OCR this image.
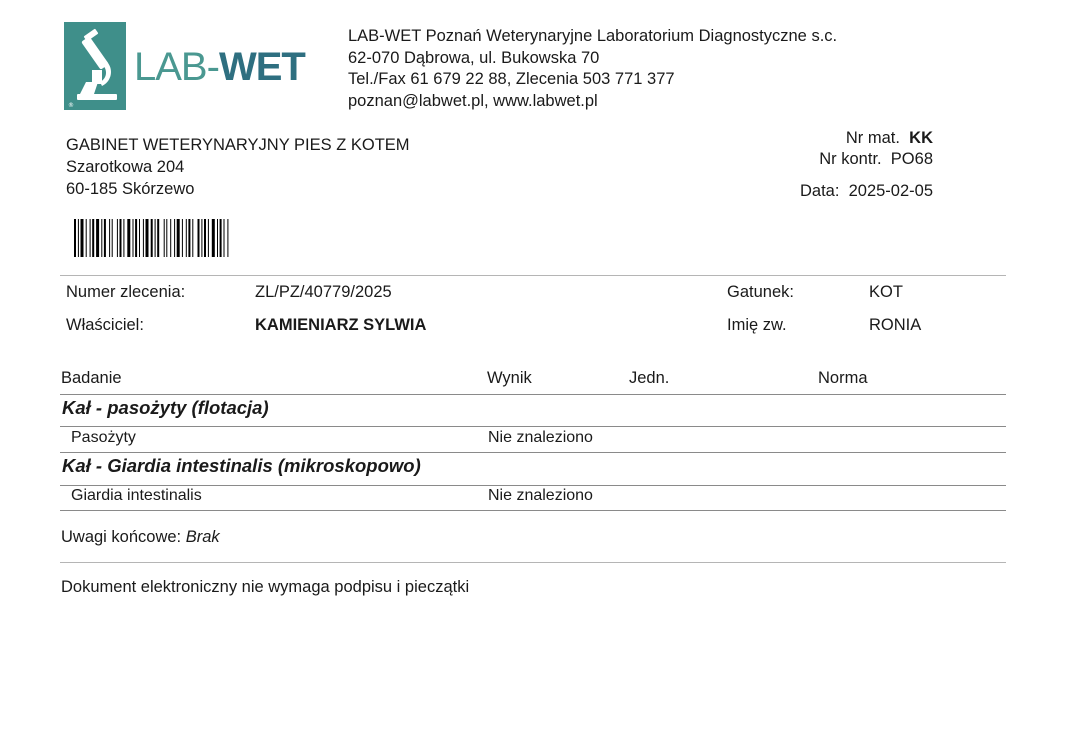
®
LAB-WET
LAB-WET Poznań Weterynaryjne Laboratorium Diagnostyczne s.c.
62-070 Dąbrowa, ul. Bukowska 70
Tel./Fax 61 679 22 88, Zlecenia 503 771 377
poznan@labwet.pl, www.labwet.pl
GABINET WETERYNARYJNY PIES Z KOTEM
Szarotkowa 204
60-185 Skórzewo
Nr mat. KK
Nr kontr. PO68
Data: 2025-02-05
Numer zlecenia:	ZL/PZ/40779/2025	Gatunek:	KOT
Właściciel:	KAMIENIARZ SYLWIA	Imię zw.	RONIA
Badanie	Wynik	Jedn.	Norma
Kał - pasożyty (flotacja)
Pasożyty	Nie znaleziono
Kał - Giardia intestinalis (mikroskopowo)
Giardia intestinalis	Nie znaleziono
Uwagi końcowe: Brak
Dokument elektroniczny nie wymaga podpisu i pieczątki
